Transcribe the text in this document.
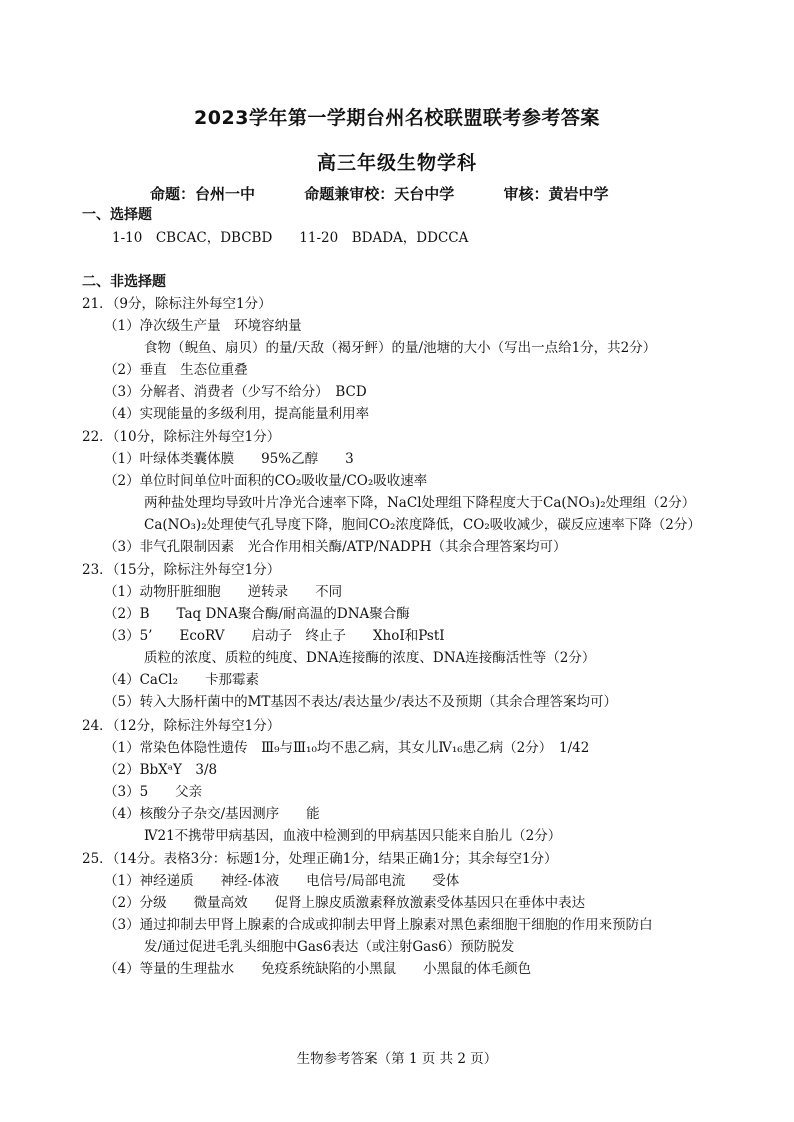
2023学年第一学期台州名校联盟联考参考答案
高三年级生物学科
命题：台州一中	命题兼审校：天台中学	审核：黄岩中学
一、选择题
1-10　CBCAC，DBCBD　　11-20　BDADA，DDCCA
二、非选择题
21．（9分，除标注外每空1分）
（1）净次级生产量　环境容纳量
食物（鲵鱼、扇贝）的量/天敌（褐牙鲆）的量/池塘的大小（写出一点给1分，共2分）
（2）垂直　生态位重叠
（3）分解者、消费者（少写不给分）　BCD
（4）实现能量的多级利用，提高能量利用率
22．（10分，除标注外每空1分）
（1）叶绿体类囊体膜　　95%乙醇　　3
（2）单位时间单位叶面积的CO₂吸收量/CO₂吸收速率
两种盐处理均导致叶片净光合速率下降，NaCl处理组下降程度大于Ca(NO₃)₂处理组（2分）
Ca(NO₃)₂处理使气孔导度下降，胞间CO₂浓度降低，CO₂吸收减少，碳反应速率下降（2分）
（3）非气孔限制因素　光合作用相关酶/ATP/NADPH（其余合理答案均可）
23．（15分，除标注外每空1分）
（1）动物肝脏细胞　　逆转录　　不同
（2）B　　Taq DNA聚合酶/耐高温的DNA聚合酶
（3）5’　　EcoRV　　启动子　终止子　　XhoI和PstI
质粒的浓度、质粒的纯度、DNA连接酶的浓度、DNA连接酶活性等（2分）
（4）CaCl₂　　卡那霉素
（5）转入大肠杆菌中的MT基因不表达/表达量少/表达不及预期（其余合理答案均可）
24．（12分，除标注外每空1分）
（1）常染色体隐性遗传　Ⅲ₉与Ⅲ₁₀均不患乙病，其女儿Ⅳ₁₆患乙病（2分）　1/42
（2）BbXᵃY　3/8
（3）5　　父亲
（4）核酸分子杂交/基因测序　　能
Ⅳ21不携带甲病基因，血液中检测到的甲病基因只能来自胎儿（2分）
25．（14分。表格3分：标题1分，处理正确1分，结果正确1分；其余每空1分）
（1）神经递质　　神经-体液　　电信号/局部电流　　受体
（2）分级　　微量高效　　促肾上腺皮质激素释放激素受体基因只在垂体中表达
（3）通过抑制去甲肾上腺素的合成或抑制去甲肾上腺素对黑色素细胞干细胞的作用来预防白
发/通过促进毛乳头细胞中Gas6表达（或注射Gas6）预防脱发
（4）等量的生理盐水　　免疫系统缺陷的小黑鼠　　小黑鼠的体毛颜色
生物参考答案（第 1 页 共 2 页）
